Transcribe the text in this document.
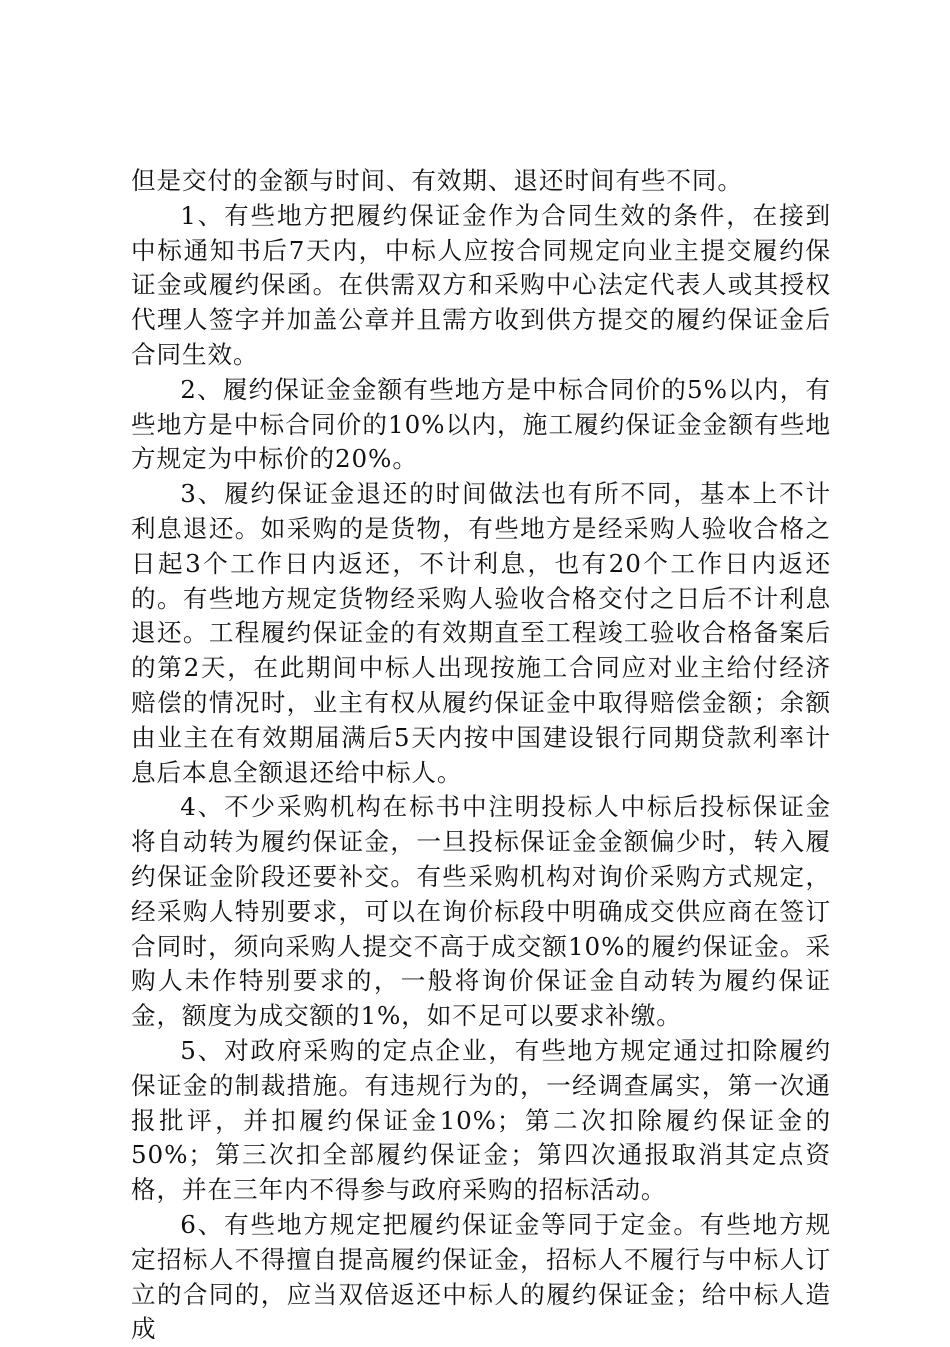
但是交付的金额与时间、有效期、退还时间有些不同。

1、有些地方把履约保证金作为合同生效的条件，在接到中标通知书后7天内，中标人应按合同规定向业主提交履约保证金或履约保函。在供需双方和采购中心法定代表人或其授权代理人签字并加盖公章并且需方收到供方提交的履约保证金后合同生效。

2、履约保证金金额有些地方是中标合同价的5%以内，有些地方是中标合同价的10%以内，施工履约保证金金额有些地方规定为中标价的20%。

3、履约保证金退还的时间做法也有所不同，基本上不计利息退还。如采购的是货物，有些地方是经采购人验收合格之日起3个工作日内返还，不计利息，也有20个工作日内返还的。有些地方规定货物经采购人验收合格交付之日后不计利息退还。工程履约保证金的有效期直至工程竣工验收合格备案后的第2天，在此期间中标人出现按施工合同应对业主给付经济赔偿的情况时，业主有权从履约保证金中取得赔偿金额；余额由业主在有效期届满后5天内按中国建设银行同期贷款利率计息后本息全额退还给中标人。

4、不少采购机构在标书中注明投标人中标后投标保证金将自动转为履约保证金，一旦投标保证金金额偏少时，转入履约保证金阶段还要补交。有些采购机构对询价采购方式规定，经采购人特别要求，可以在询价标段中明确成交供应商在签订合同时，须向采购人提交不高于成交额10%的履约保证金。采购人未作特别要求的，一般将询价保证金自动转为履约保证金，额度为成交额的1%，如不足可以要求补缴。

5、对政府采购的定点企业，有些地方规定通过扣除履约保证金的制裁措施。有违规行为的，一经调查属实，第一次通报批评，并扣履约保证金10%；第二次扣除履约保证金的50%；第三次扣全部履约保证金；第四次通报取消其定点资格，并在三年内不得参与政府采购的招标活动。

6、有些地方规定把履约保证金等同于定金。有些地方规定招标人不得擅自提高履约保证金，招标人不履行与中标人订立的合同的，应当双倍返还中标人的履约保证金；给中标人造成
